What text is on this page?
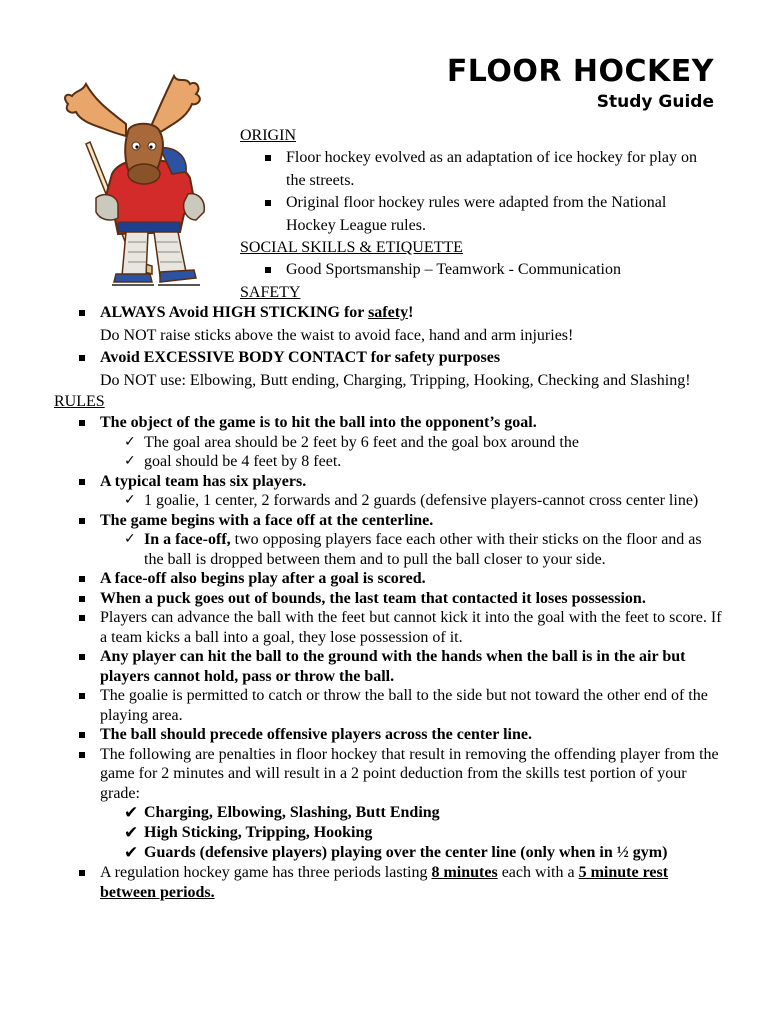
FLOOR HOCKEY
Study Guide
ORIGIN
Floor hockey evolved as an adaptation of ice hockey for play on the streets.
Original floor hockey rules were adapted from the National Hockey League rules.
SOCIAL SKILLS & ETIQUETTE
Good Sportsmanship – Teamwork - Communication
SAFETY
ALWAYS Avoid HIGH STICKING for safety!
Do NOT raise sticks above the waist to avoid face, hand and arm injuries!
Avoid EXCESSIVE BODY CONTACT for safety purposes
Do NOT use: Elbowing, Butt ending, Charging, Tripping, Hooking, Checking and Slashing!
RULES
The object of the game is to hit the ball into the opponent’s goal.
✓ The goal area should be 2 feet by 6 feet and the goal box around the
✓ goal should be 4 feet by 8 feet.
A typical team has six players.
✓ 1 goalie, 1 center, 2 forwards and 2 guards (defensive players-cannot cross center line)
The game begins with a face off at the centerline.
✓ In a face-off, two opposing players face each other with their sticks on the floor and as the ball is dropped between them and to pull the ball closer to your side.
A face-off also begins play after a goal is scored.
When a puck goes out of bounds, the last team that contacted it loses possession.
Players can advance the ball with the feet but cannot kick it into the goal with the feet to score. If a team kicks a ball into a goal, they lose possession of it.
Any player can hit the ball to the ground with the hands when the ball is in the air but players cannot hold, pass or throw the ball.
The goalie is permitted to catch or throw the ball to the side but not toward the other end of the playing area.
The ball should precede offensive players across the center line.
The following are penalties in floor hockey that result in removing the offending player from the game for 2 minutes and will result in a 2 point deduction from the skills test portion of your grade:
✔ Charging, Elbowing, Slashing, Butt Ending
✔ High Sticking, Tripping, Hooking
✔ Guards (defensive players) playing over the center line (only when in ½ gym)
A regulation hockey game has three periods lasting 8 minutes each with a 5 minute rest between periods.
